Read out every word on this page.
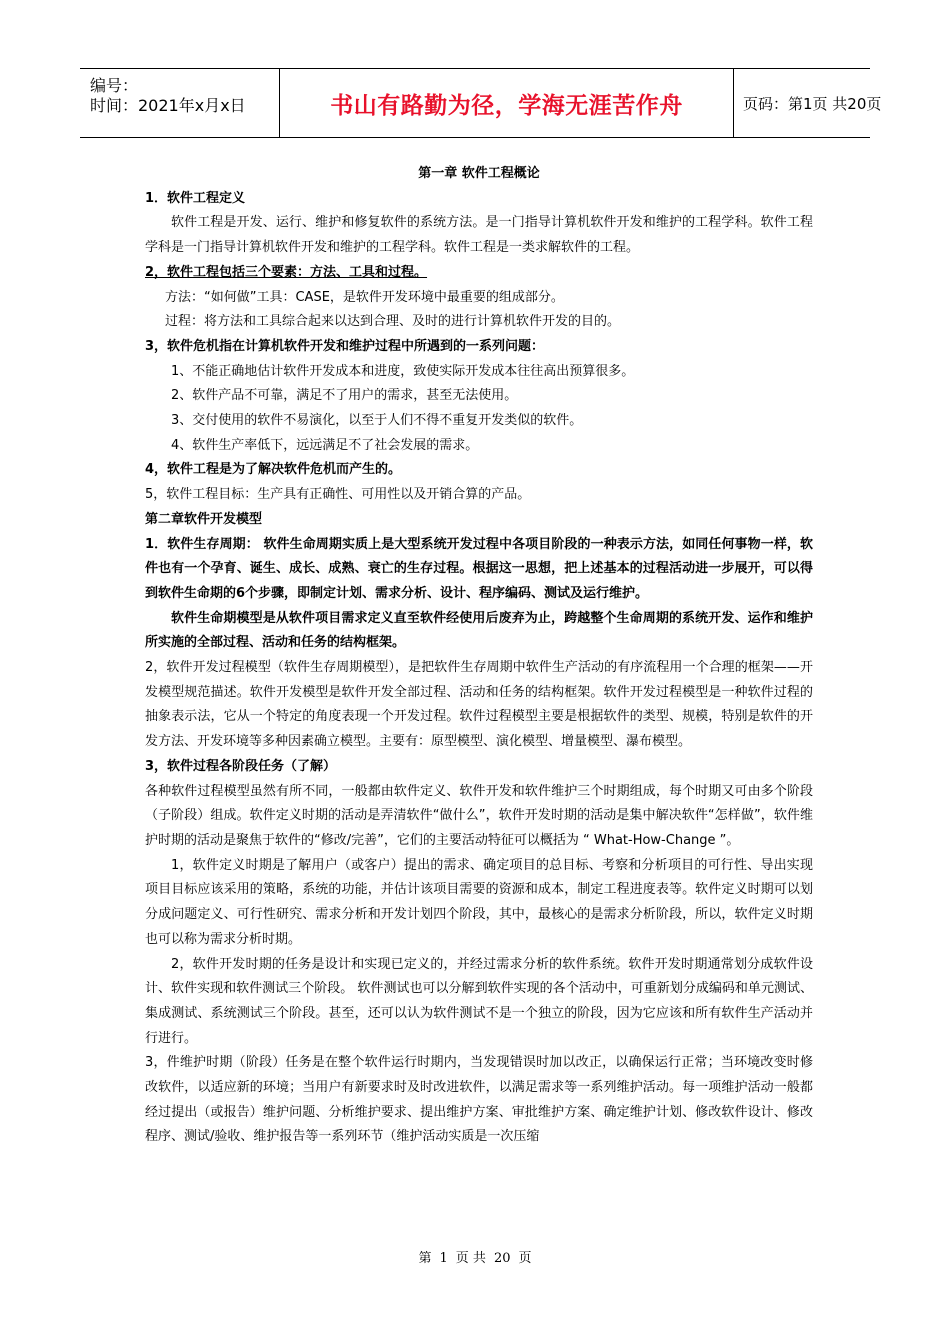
编号：
时间：2021年x月x日	书山有路勤为径，学海无涯苦作舟	页码：第1页 共20页

第一章 软件工程概论

1．软件工程定义

软件工程是开发、运行、维护和修复软件的系统方法。是一门指导计算机软件开发和维护的工程学科。软件工程学科是一门指导计算机软件开发和维护的工程学科。软件工程是一类求解软件的工程。

2，软件工程包括三个要素：方法、工具和过程。

方法：“如何做”工具：CASE，是软件开发环境中最重要的组成部分。

过程：将方法和工具综合起来以达到合理、及时的进行计算机软件开发的目的。

3，软件危机指在计算机软件开发和维护过程中所遇到的一系列问题：

1、不能正确地估计软件开发成本和进度，致使实际开发成本往往高出预算很多。

2、软件产品不可靠，满足不了用户的需求，甚至无法使用。

3、交付使用的软件不易演化，以至于人们不得不重复开发类似的软件。

4、软件生产率低下，远远满足不了社会发展的需求。

4，软件工程是为了解决软件危机而产生的。

5，软件工程目标：生产具有正确性、可用性以及开销合算的产品。

第二章软件开发模型

1．软件生存周期： 软件生命周期实质上是大型系统开发过程中各项目阶段的一种表示方法，如同任何事物一样，软件也有一个孕育、诞生、成长、成熟、衰亡的生存过程。根据这一思想，把上述基本的过程活动进一步展开，可以得到软件生命期的6个步骤，即制定计划、需求分析、设计、程序编码、测试及运行维护。

软件生命期模型是从软件项目需求定义直至软件经使用后废弃为止，跨越整个生命周期的系统开发、运作和维护所实施的全部过程、活动和任务的结构框架。

2，软件开发过程模型（软件生存周期模型），是把软件生存周期中软件生产活动的有序流程用一个合理的框架——开发模型规范描述。软件开发模型是软件开发全部过程、活动和任务的结构框架。软件开发过程模型是一种软件过程的抽象表示法，它从一个特定的角度表现一个开发过程。软件过程模型主要是根据软件的类型、规模，特别是软件的开发方法、开发环境等多种因素确立模型。主要有：原型模型、演化模型、增量模型、瀑布模型。

3，软件过程各阶段任务（了解）

各种软件过程模型虽然有所不同，一般都由软件定义、软件开发和软件维护三个时期组成，每个时期又可由多个阶段（子阶段）组成。软件定义时期的活动是弄清软件“做什么”，软件开发时期的活动是集中解决软件“怎样做”，软件维护时期的活动是聚焦于软件的“修改/完善”，它们的主要活动特征可以概括为 “ What-How-Change ”。

1，软件定义时期是了解用户（或客户）提出的需求、确定项目的总目标、考察和分析项目的可行性、导出实现项目目标应该采用的策略，系统的功能，并估计该项目需要的资源和成本，制定工程进度表等。软件定义时期可以划分成问题定义、可行性研究、需求分析和开发计划四个阶段，其中，最核心的是需求分析阶段，所以，软件定义时期也可以称为需求分析时期。

2，软件开发时期的任务是设计和实现已定义的，并经过需求分析的软件系统。软件开发时期通常划分成软件设计、软件实现和软件测试三个阶段。 软件测试也可以分解到软件实现的各个活动中，可重新划分成编码和单元测试、集成测试、系统测试三个阶段。甚至，还可以认为软件测试不是一个独立的阶段，因为它应该和所有软件生产活动并行进行。

3，件维护时期（阶段）任务是在整个软件运行时期内，当发现错误时加以改正，以确保运行正常；当环境改变时修改软件，以适应新的环境；当用户有新要求时及时改进软件，以满足需求等一系列维护活动。每一项维护活动一般都经过提出（或报告）维护问题、分析维护要求、提出维护方案、审批维护方案、确定维护计划、修改软件设计、修改程序、测试/验收、维护报告等一系列环节（维护活动实质是一次压缩

第 1 页 共 20 页
